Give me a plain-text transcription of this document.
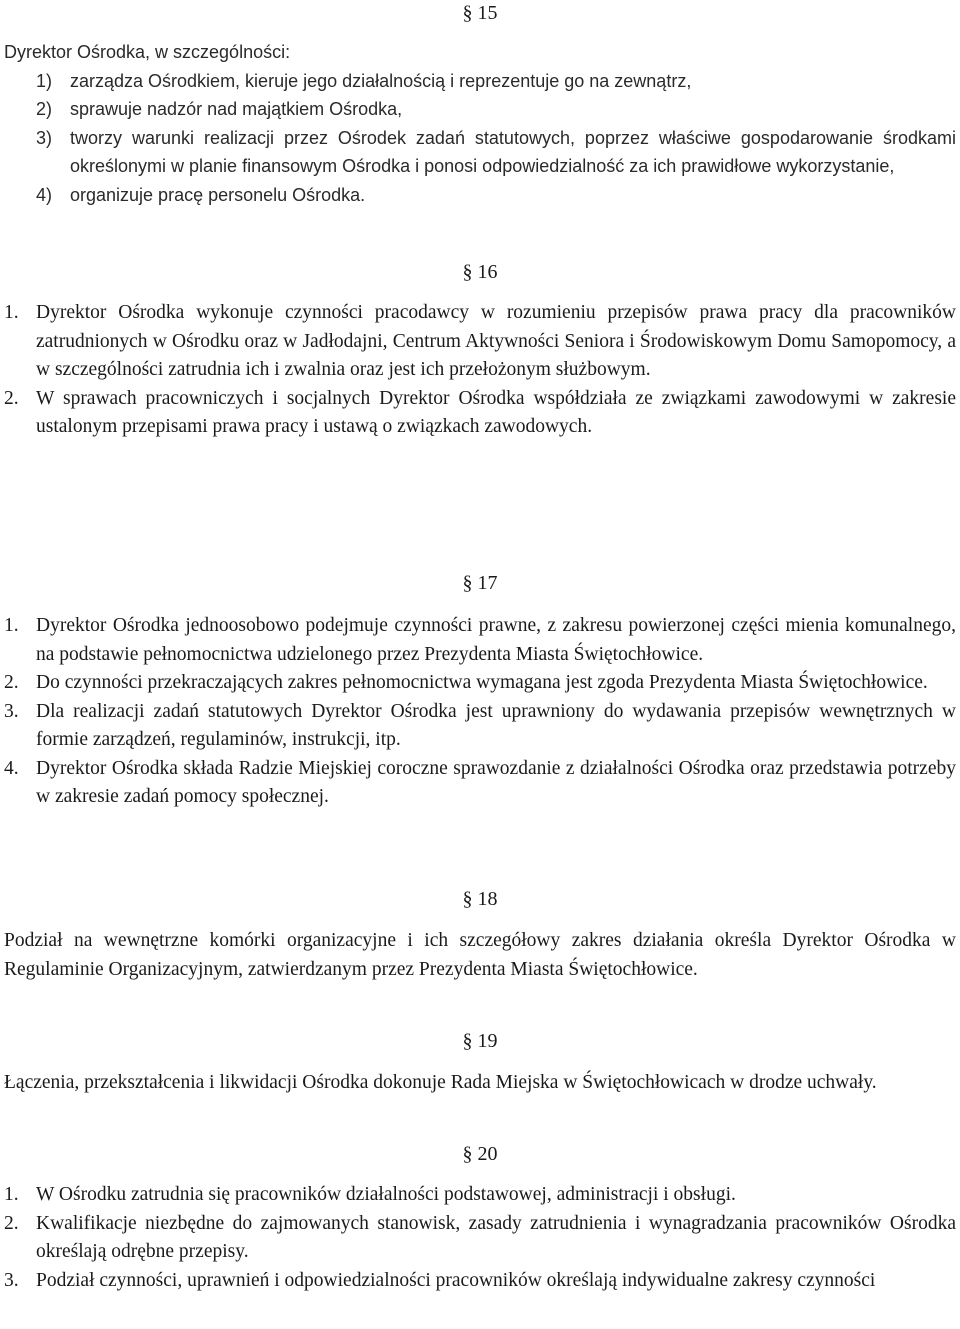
§ 15
Dyrektor Ośrodka, w szczególności:
1) zarządza Ośrodkiem, kieruje jego działalnością i reprezentuje go na zewnątrz,
2) sprawuje nadzór nad majątkiem Ośrodka,
3) tworzy warunki realizacji przez Ośrodek zadań statutowych, poprzez właściwe gospodarowanie środkami określonymi w planie finansowym Ośrodka i ponosi odpowiedzialność za ich prawidłowe wykorzystanie,
4) organizuje pracę personelu Ośrodka.
§ 16
1. Dyrektor Ośrodka wykonuje czynności pracodawcy w rozumieniu przepisów prawa pracy dla pracowników zatrudnionych w Ośrodku oraz w Jadłodajni, Centrum Aktywności Seniora i Środowiskowym Domu Samopomocy, a w szczególności zatrudnia ich i zwalnia oraz jest ich przełożonym służbowym.
2. W sprawach pracowniczych i socjalnych Dyrektor Ośrodka współdziała ze związkami zawodowymi w zakresie ustalonym przepisami prawa pracy i ustawą o związkach zawodowych.
§ 17
1. Dyrektor Ośrodka jednoosobowo podejmuje czynności prawne, z zakresu powierzonej części mienia komunalnego, na podstawie pełnomocnictwa udzielonego przez Prezydenta Miasta Świętochłowice.
2. Do czynności przekraczających zakres pełnomocnictwa wymagana jest zgoda Prezydenta Miasta Świętochłowice.
3. Dla realizacji zadań statutowych Dyrektor Ośrodka jest uprawniony do wydawania przepisów wewnętrznych w formie zarządzeń, regulaminów, instrukcji, itp.
4. Dyrektor Ośrodka składa Radzie Miejskiej coroczne sprawozdanie z działalności Ośrodka oraz przedstawia potrzeby w zakresie zadań pomocy społecznej.
§ 18

Podział na wewnętrzne komórki organizacyjne i ich szczegółowy zakres działania określa Dyrektor Ośrodka w Regulaminie Organizacyjnym, zatwierdzanym przez Prezydenta Miasta Świętochłowice.

§ 19

Łączenia, przekształcenia i likwidacji Ośrodka dokonuje Rada Miejska w Świętochłowicach w drodze uchwały.

§ 20
1. W Ośrodku zatrudnia się pracowników działalności podstawowej, administracji i obsługi.
2. Kwalifikacje niezbędne do zajmowanych stanowisk, zasady zatrudnienia i wynagradzania pracowników Ośrodka określają odrębne przepisy.
3. Podział czynności, uprawnień i odpowiedzialności pracowników określają indywidualne zakresy czynności
